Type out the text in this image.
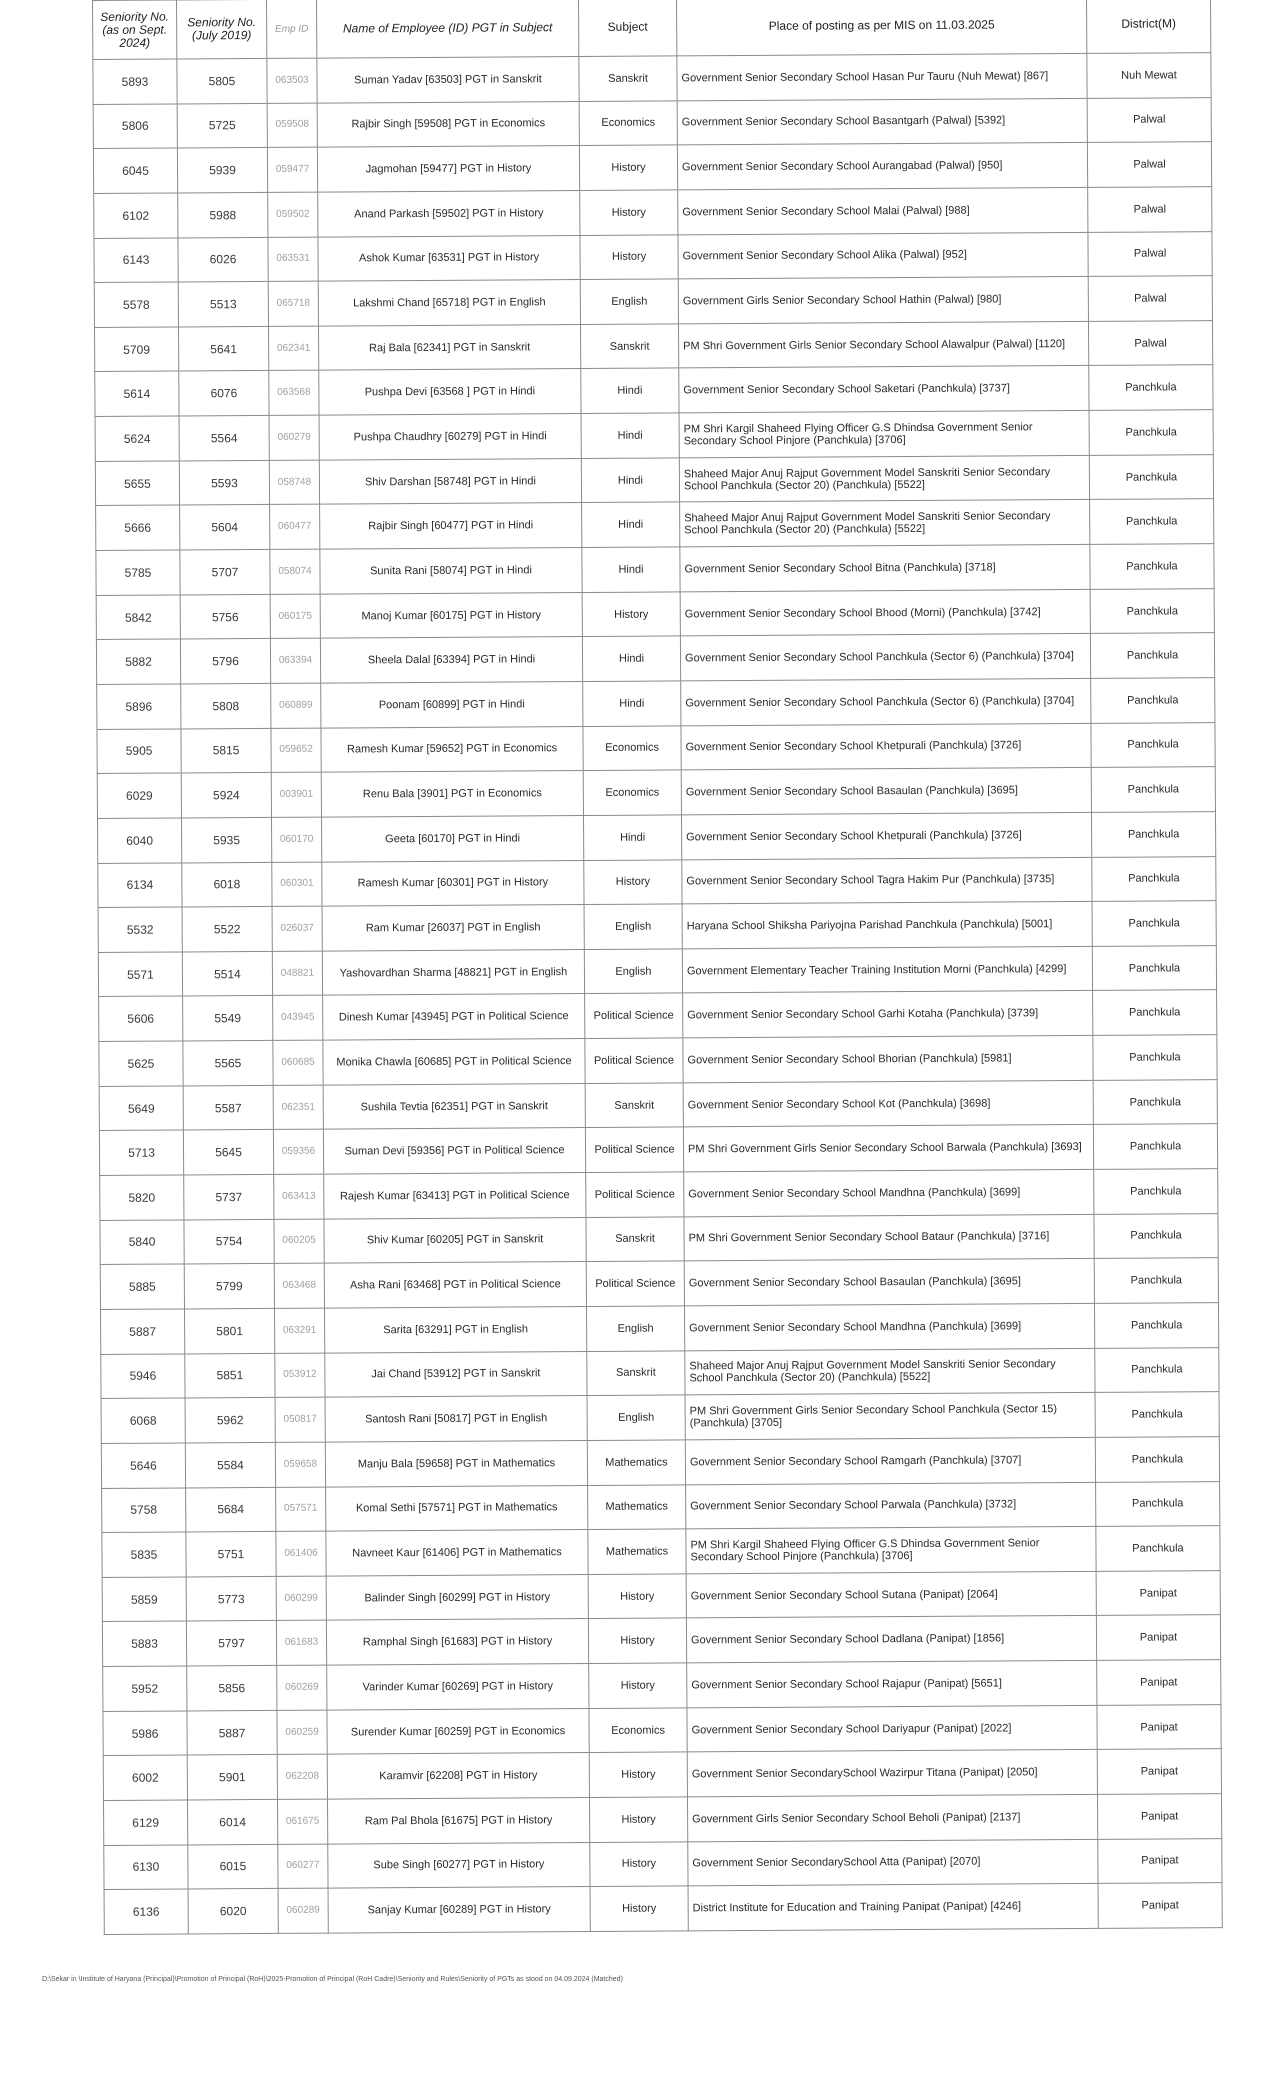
Seniority No. (as on Sept. 2024)	Seniority No. (July 2019)	Emp ID	Name of Employee (ID) PGT in Subject	Subject	Place of posting as per MIS on 11.03.2025	District(M)
5893	5805	063503	Suman Yadav [63503] PGT in Sanskrit	Sanskrit	Government Senior Secondary School Hasan Pur Tauru (Nuh Mewat) [867]	Nuh Mewat
5806	5725	059508	Rajbir Singh [59508] PGT in Economics	Economics	Government Senior Secondary School Basantgarh (Palwal) [5392]	Palwal
6045	5939	059477	Jagmohan [59477] PGT in History	History	Government Senior Secondary School Aurangabad (Palwal) [950]	Palwal
6102	5988	059502	Anand Parkash [59502] PGT in History	History	Government Senior Secondary School Malai (Palwal) [988]	Palwal
6143	6026	063531	Ashok Kumar [63531] PGT in History	History	Government Senior Secondary School Alika (Palwal) [952]	Palwal
5578	5513	065718	Lakshmi Chand [65718] PGT in English	English	Government Girls Senior Secondary School Hathin (Palwal) [980]	Palwal
5709	5641	062341	Raj Bala [62341] PGT in Sanskrit	Sanskrit	PM Shri Government Girls Senior Secondary School Alawalpur (Palwal) [1120]	Palwal
5614	6076	063568	Pushpa Devi [63568 ] PGT in Hindi	Hindi	Government Senior Secondary School Saketari (Panchkula) [3737]	Panchkula
5624	5564	060279	Pushpa Chaudhry [60279] PGT in Hindi	Hindi	PM Shri Kargil Shaheed Flying Officer G.S Dhindsa Government Senior Secondary School Pinjore (Panchkula) [3706]	Panchkula
5655	5593	058748	Shiv Darshan [58748] PGT in Hindi	Hindi	Shaheed Major Anuj Rajput Government Model Sanskriti Senior Secondary School Panchkula (Sector 20) (Panchkula) [5522]	Panchkula
5666	5604	060477	Rajbir Singh [60477] PGT in Hindi	Hindi	Shaheed Major Anuj Rajput Government Model Sanskriti Senior Secondary School Panchkula (Sector 20) (Panchkula) [5522]	Panchkula
5785	5707	058074	Sunita Rani [58074] PGT in Hindi	Hindi	Government Senior Secondary School Bitna (Panchkula) [3718]	Panchkula
5842	5756	060175	Manoj Kumar [60175] PGT in History	History	Government Senior Secondary School Bhood (Morni) (Panchkula) [3742]	Panchkula
5882	5796	063394	Sheela Dalal [63394] PGT in Hindi	Hindi	Government Senior Secondary School Panchkula (Sector 6) (Panchkula) [3704]	Panchkula
5896	5808	060899	Poonam [60899] PGT in Hindi	Hindi	Government Senior Secondary School Panchkula (Sector 6) (Panchkula) [3704]	Panchkula
5905	5815	059652	Ramesh Kumar [59652] PGT in Economics	Economics	Government Senior Secondary School Khetpurali (Panchkula) [3726]	Panchkula
6029	5924	003901	Renu Bala [3901] PGT in Economics	Economics	Government Senior Secondary School Basaulan (Panchkula) [3695]	Panchkula
6040	5935	060170	Geeta [60170] PGT in Hindi	Hindi	Government Senior Secondary School Khetpurali (Panchkula) [3726]	Panchkula
6134	6018	060301	Ramesh Kumar [60301] PGT in History	History	Government Senior Secondary School Tagra Hakim Pur (Panchkula) [3735]	Panchkula
5532	5522	026037	Ram Kumar [26037] PGT in English	English	Haryana School Shiksha Pariyojna Parishad Panchkula (Panchkula) [5001]	Panchkula
5571	5514	048821	Yashovardhan Sharma [48821] PGT in English	English	Government Elementary Teacher Training Institution Morni (Panchkula) [4299]	Panchkula
5606	5549	043945	Dinesh Kumar [43945] PGT in Political Science	Political Science	Government Senior Secondary School Garhi Kotaha (Panchkula) [3739]	Panchkula
5625	5565	060685	Monika Chawla [60685] PGT in Political Science	Political Science	Government Senior Secondary School Bhorian (Panchkula) [5981]	Panchkula
5649	5587	062351	Sushila Tevtia [62351] PGT in Sanskrit	Sanskrit	Government Senior Secondary School Kot (Panchkula) [3698]	Panchkula
5713	5645	059356	Suman Devi [59356] PGT in Political Science	Political Science	PM Shri Government Girls Senior Secondary School Barwala (Panchkula) [3693]	Panchkula
5820	5737	063413	Rajesh Kumar [63413] PGT in Political Science	Political Science	Government Senior Secondary School Mandhna (Panchkula) [3699]	Panchkula
5840	5754	060205	Shiv Kumar [60205] PGT in Sanskrit	Sanskrit	PM Shri Government Senior Secondary School Bataur (Panchkula) [3716]	Panchkula
5885	5799	063468	Asha Rani [63468] PGT in Political Science	Political Science	Government Senior Secondary School Basaulan (Panchkula) [3695]	Panchkula
5887	5801	063291	Sarita [63291] PGT in English	English	Government Senior Secondary School Mandhna (Panchkula) [3699]	Panchkula
5946	5851	053912	Jai Chand [53912] PGT in Sanskrit	Sanskrit	Shaheed Major Anuj Rajput Government Model Sanskriti Senior Secondary School Panchkula (Sector 20) (Panchkula) [5522]	Panchkula
6068	5962	050817	Santosh Rani [50817] PGT in English	English	PM Shri Government Girls Senior Secondary School Panchkula (Sector 15) (Panchkula) [3705]	Panchkula
5646	5584	059658	Manju Bala [59658] PGT in Mathematics	Mathematics	Government Senior Secondary School Ramgarh (Panchkula) [3707]	Panchkula
5758	5684	057571	Komal Sethi [57571] PGT in Mathematics	Mathematics	Government Senior Secondary School Parwala (Panchkula) [3732]	Panchkula
5835	5751	061406	Navneet Kaur [61406] PGT in Mathematics	Mathematics	PM Shri Kargil Shaheed Flying Officer G.S Dhindsa Government Senior Secondary School Pinjore (Panchkula) [3706]	Panchkula
5859	5773	060299	Balinder Singh [60299] PGT in History	History	Government Senior Secondary School Sutana (Panipat) [2064]	Panipat
5883	5797	061683	Ramphal Singh [61683] PGT in History	History	Government Senior Secondary School Dadlana (Panipat) [1856]	Panipat
5952	5856	060269	Varinder Kumar [60269] PGT in History	History	Government Senior Secondary School Rajapur (Panipat) [5651]	Panipat
5986	5887	060259	Surender Kumar [60259] PGT in Economics	Economics	Government Senior Secondary School Dariyapur (Panipat) [2022]	Panipat
6002	5901	062208	Karamvir [62208] PGT in History	History	Government Senior SecondarySchool Wazirpur Titana (Panipat) [2050]	Panipat
6129	6014	061675	Ram Pal Bhola [61675] PGT in History	History	Government Girls Senior Secondary School Beholi (Panipat) [2137]	Panipat
6130	6015	060277	Sube Singh [60277] PGT in History	History	Government Senior SecondarySchool Atta (Panipat) [2070]	Panipat
6136	6020	060289	Sanjay Kumar [60289] PGT in History	History	District Institute for Education and Training Panipat (Panipat) [4246]	Panipat
D:\Sekar in \Institute of Haryana (Principal)\Promotion of Principal (RoH)\2025-Promotion of Principal (RoH Cadre)\Seniority and Rules\Seniority of PGTs as stood on 04.09.2024 (Matched)
